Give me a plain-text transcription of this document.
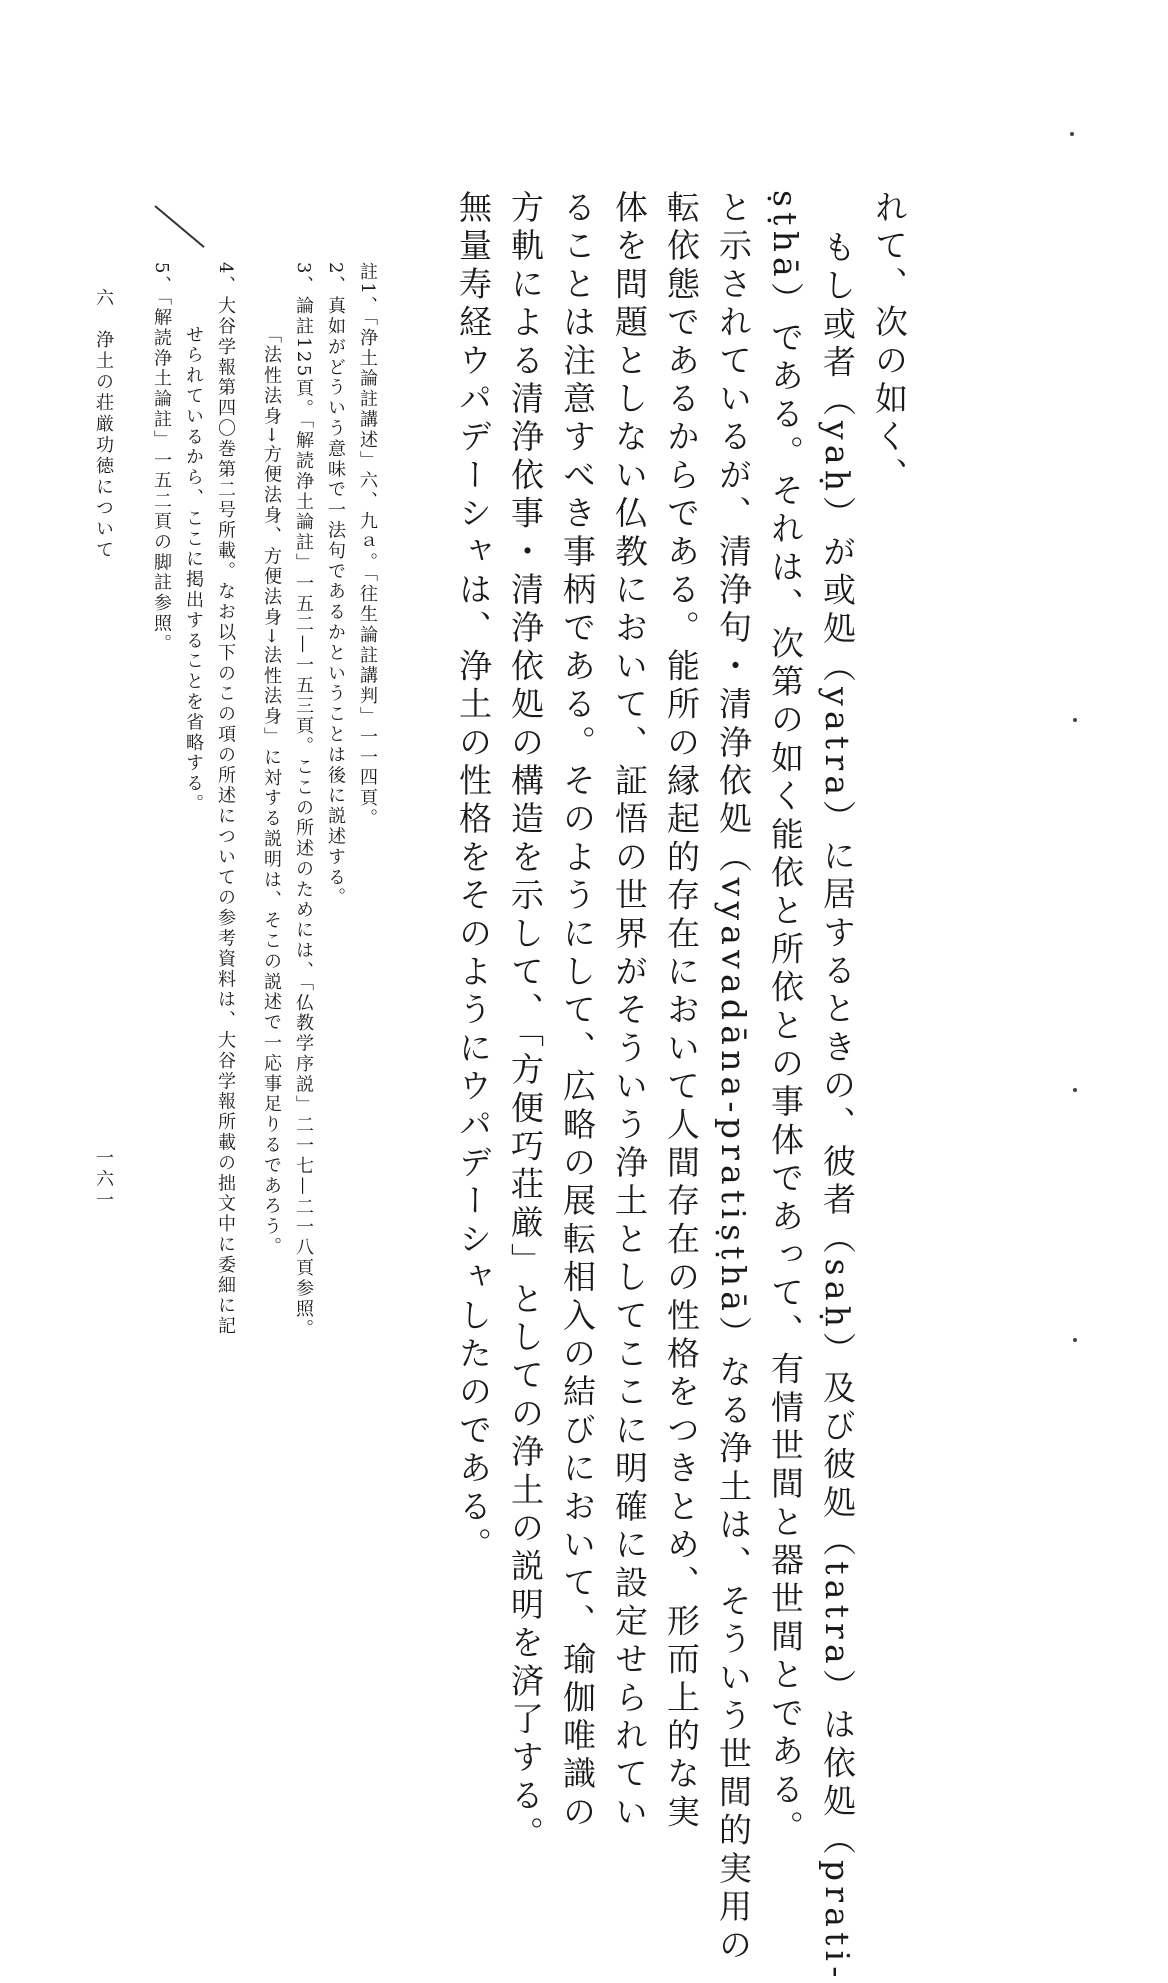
れて、次の如く、
もし或者（yaḥ）が或処（yatra）に居するときの、彼者（saḥ）及び彼処（tatra）は依処（prati-
ṣṭhā）である。それは、次第の如く能依と所依との事体であって、有情世間と器世間とである。
と示されているが、清浄句・清浄依処（vyavadāna-pratiṣṭhā）なる浄土は、そういう世間的実用の
転依態であるからである。能所の縁起的存在において人間存在の性格をつきとめ、形而上的な実
体を問題としない仏教において、証悟の世界がそういう浄土としてここに明確に設定せられてい
ることは注意すべき事柄である。そのようにして、広略の展転相入の結びにおいて、瑜伽唯識の
方軌による清浄依事・清浄依処の構造を示して、「方便巧荘厳」としての浄土の説明を済了する。
無量寿経ウパデーシャは、浄土の性格をそのようにウパデーシャしたのである。
註1、「浄土論註講述」六、九ａ。「往生論註講判」一一四頁。
2、真如がどういう意味で一法句であるかということは後に説述する。
3、論註125頁。「解読浄土論註」一五二—一五三頁。ここの所述のためには、「仏教学序説」二一七—二一八頁参照。
「法性法身→方便法身、方便法身→法性法身」に対する説明は、そこの説述で一応事足りるであろう。
4、大谷学報第四〇巻第二号所載。なお以下のこの項の所述についての参考資料は、大谷学報所載の拙文中に委細に記
せられているから、ここに掲出することを省略する。
5、「解読浄土論註」一五二頁の脚註参照。
六　浄土の荘厳功徳について
一六一
